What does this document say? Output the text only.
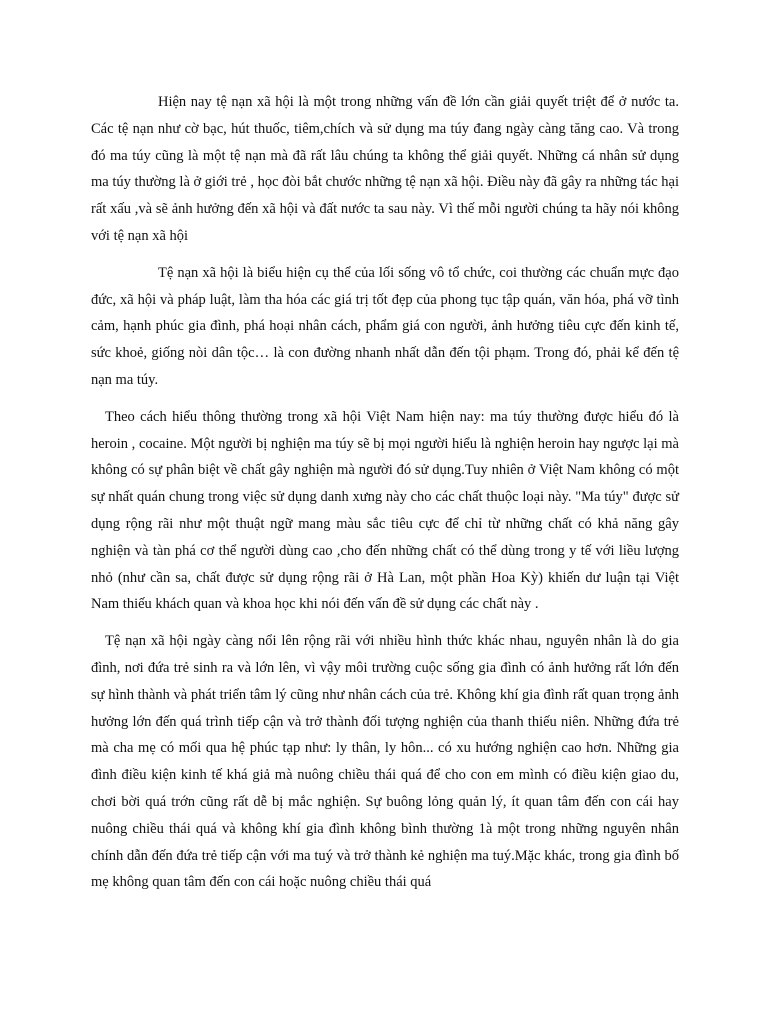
Hiện nay tệ nạn xã hội là một trong những vấn đề lớn cần giải quyết triệt để ở nước ta. Các tệ nạn như cờ bạc, hút thuốc, tiêm,chích và sử dụng ma túy đang ngày càng tăng cao. Và trong đó ma túy cũng là một tệ nạn mà đã rất lâu chúng ta không thể giải quyết. Những cá nhân sử dụng ma túy thường là ở giới trẻ , học đòi bắt chước những tệ nạn xã hội. Điều này đã gây ra những tác hại rất xấu ,và sẽ ảnh hưởng đến xã hội và đất nước ta sau này. Vì thế mỗi người chúng ta hãy nói không với tệ nạn xã hội

Tệ nạn xã hội là biểu hiện cụ thể của lối sống vô tổ chức, coi thường các chuẩn mực đạo đức, xã hội và pháp luật, làm tha hóa các giá trị tốt đẹp của phong tục tập quán, văn hóa, phá vỡ tình cảm, hạnh phúc gia đình, phá hoại nhân cách, phẩm giá con người, ảnh hưởng tiêu cực đến kinh tế, sức khoẻ, giống nòi dân tộc… là con đường nhanh nhất dẫn đến tội phạm. Trong đó, phải kể đến tệ nạn ma túy.

Theo cách hiểu thông thường trong xã hội Việt Nam hiện nay: ma túy thường được hiểu đó là heroin , cocaine. Một người bị nghiện ma túy sẽ bị mọi người hiểu là nghiện heroin hay ngược lại mà không có sự phân biệt về chất gây nghiện mà người đó sử dụng.Tuy nhiên ở Việt Nam không có một sự nhất quán chung trong việc sử dụng danh xưng này cho các chất thuộc loại này. "Ma túy" được sử dụng rộng rãi như một thuật ngữ mang màu sắc tiêu cực để chỉ từ những chất có khả năng gây nghiện và tàn phá cơ thể người dùng cao ,cho đến những chất có thể dùng trong y tế với liều lượng nhỏ (như cần sa, chất được sử dụng rộng rãi ở Hà Lan, một phần Hoa Kỳ) khiến dư luận tại Việt Nam thiếu khách quan và khoa học khi nói đến vấn đề sử dụng các chất này .

Tệ nạn xã hội ngày càng nổi lên rộng rãi với nhiều hình thức khác nhau, nguyên nhân là do gia đình, nơi đứa trẻ sinh ra và lớn lên, vì vậy môi trường cuộc sống gia đình có ảnh hưởng rất lớn đến sự hình thành và phát triển tâm lý cũng như nhân cách của trẻ. Không khí gia đình rất quan trọng ảnh hưởng lớn đến quá trình tiếp cận và trở thành đối tượng nghiện của thanh thiếu niên. Những đứa trẻ mà cha mẹ có mối qua hệ phúc tạp như: ly thân, ly hôn... có xu hướng nghiện cao hơn. Những gia đình điều kiện kinh tế khá giả mà nuông chiều thái quá để cho con em mình có điều kiện giao du, chơi bời quá trớn cũng rất dễ bị mắc nghiện. Sự buông lỏng quản lý, ít quan tâm đến con cái hay nuông chiều thái quá và không khí gia đình không bình thường 1à một trong những nguyên nhân chính dẫn đến đứa trẻ tiếp cận với ma tuý và trở thành kẻ nghiện ma tuý.Mặc khác, trong gia đình bố mẹ không quan tâm đến con cái hoặc nuông chiều thái quá
